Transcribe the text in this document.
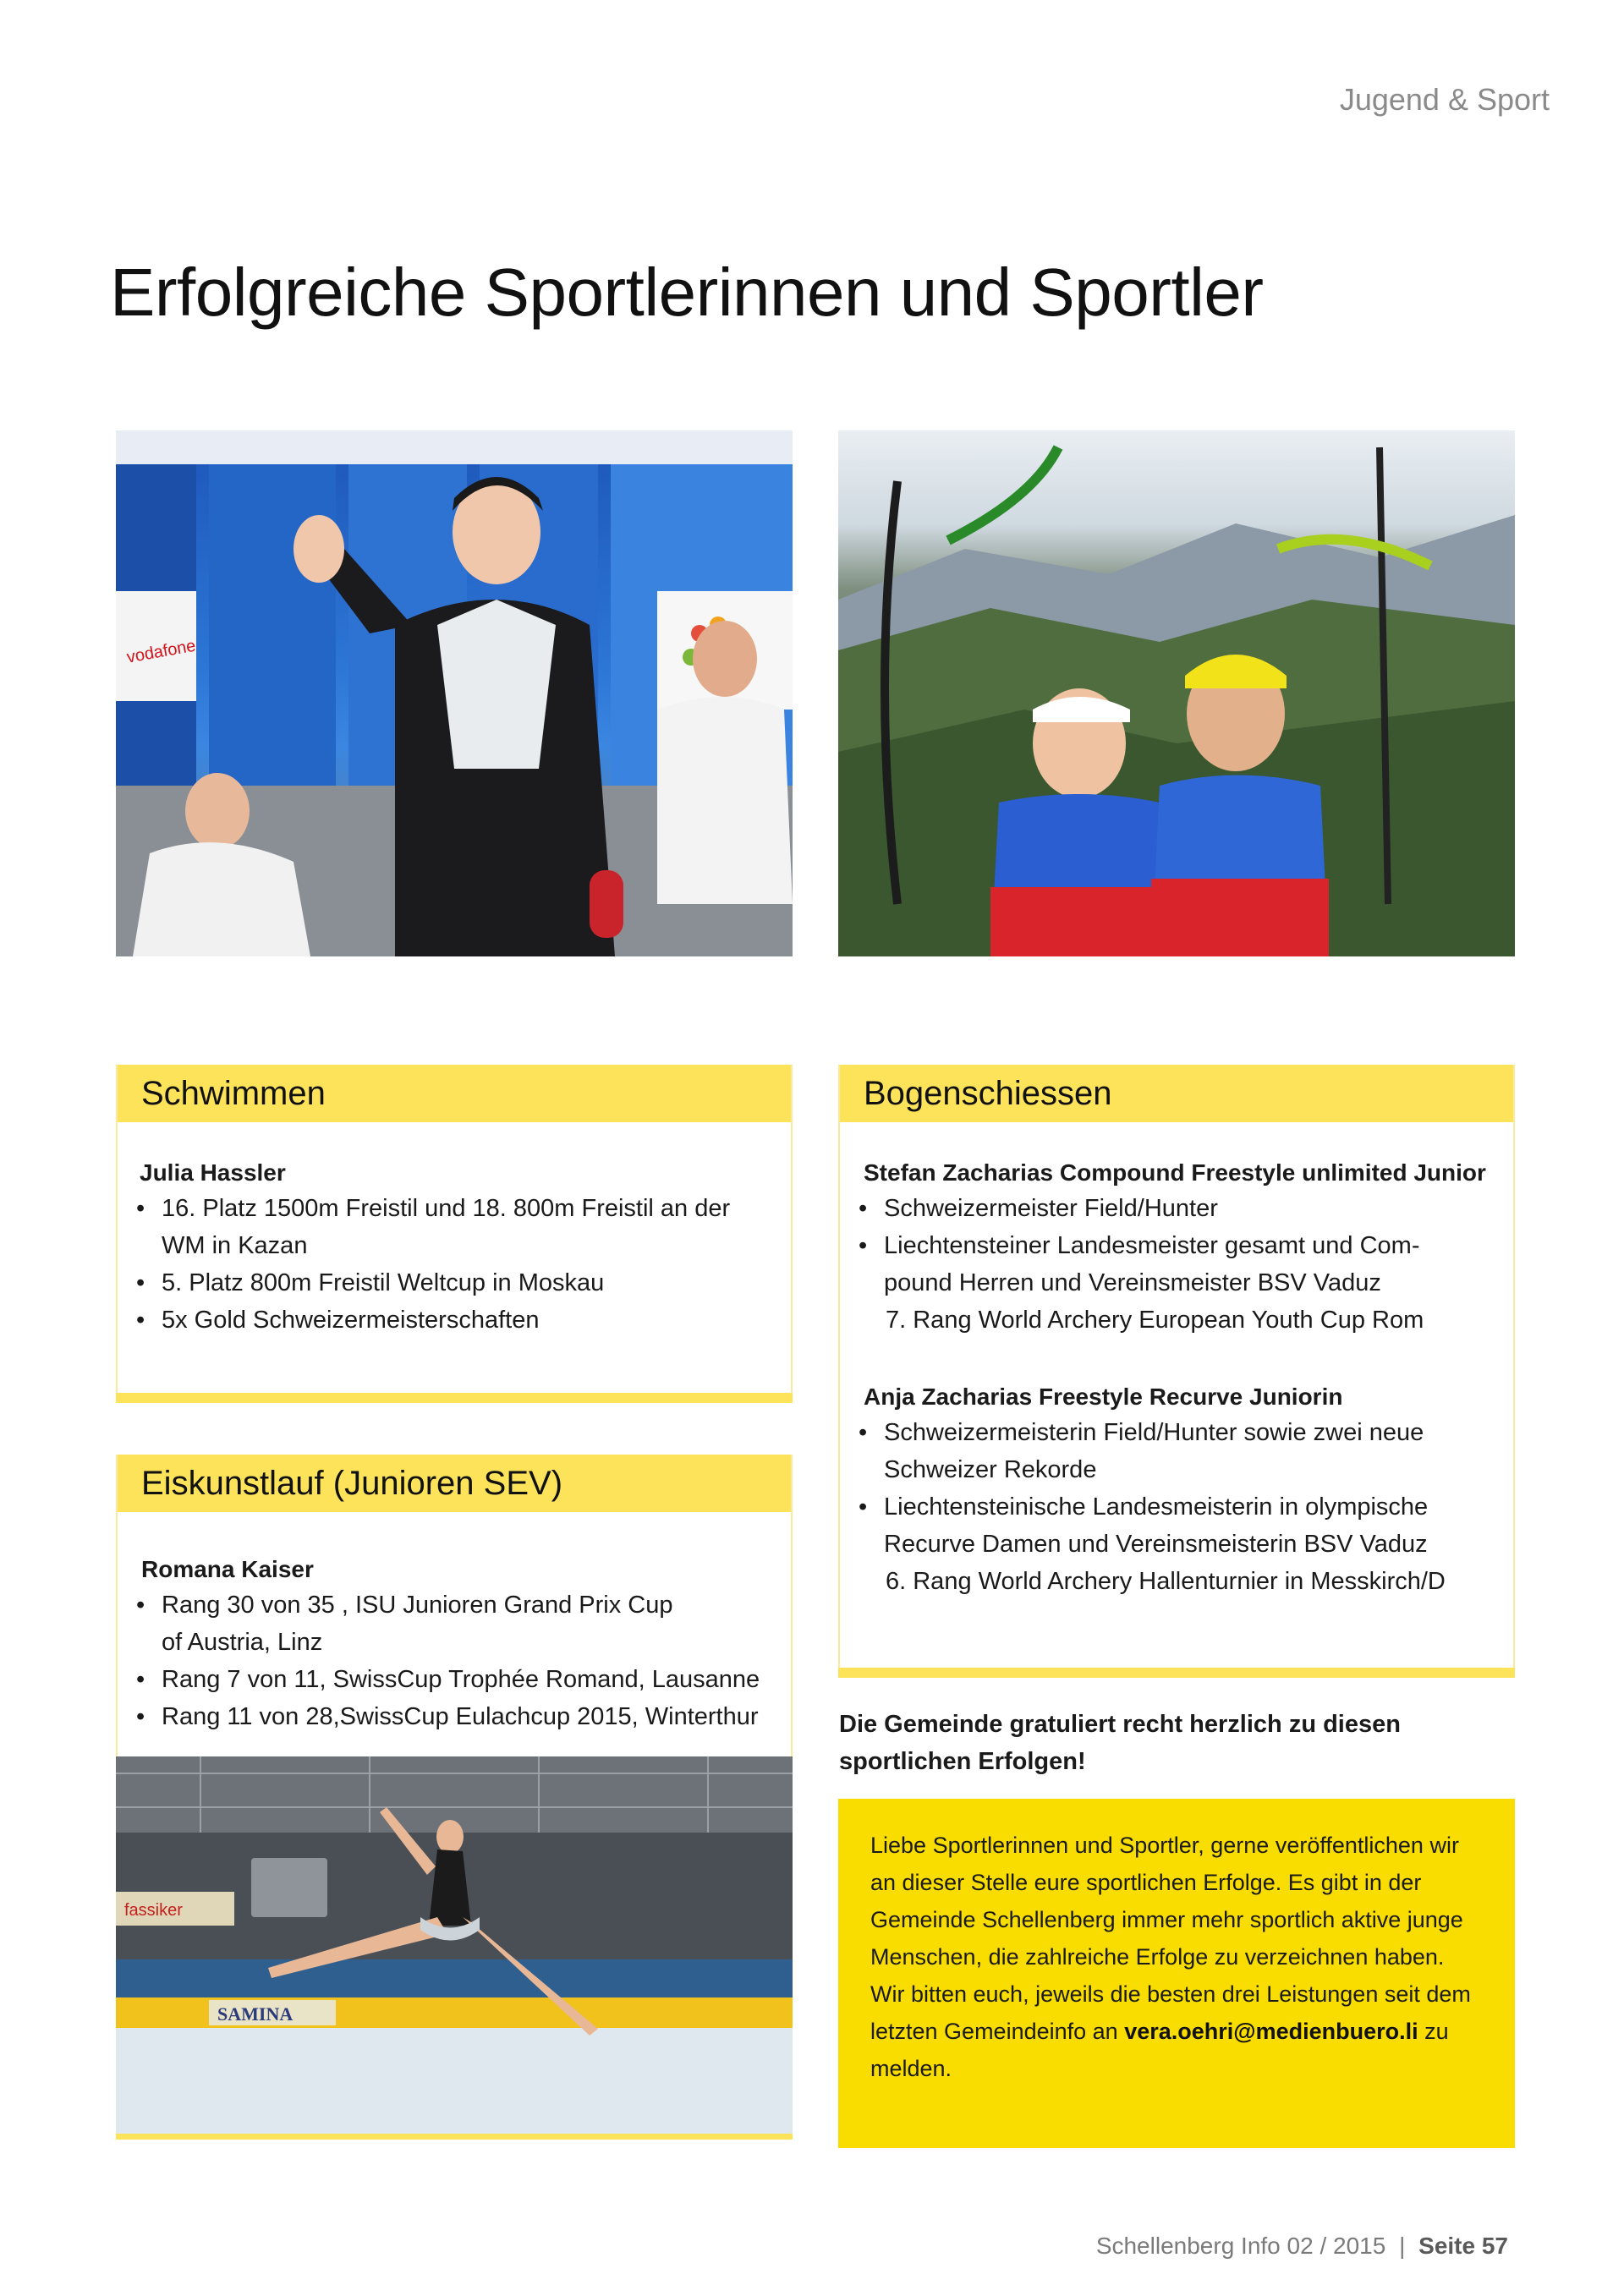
Jugend & Sport
Erfolgreiche Sportlerinnen und Sportler
vodafone
Schwimmen

Julia Hassler

• 16. Platz 1500m Freistil und 18. 800m Freistil an der
WM in Kazan
• 5. Platz 800m Freistil Weltcup in Moskau
• 5x Gold Schweizermeisterschaften
Eiskunstlauf (Junioren SEV)

Romana Kaiser

• Rang 30 von 35 , ISU Junioren Grand Prix Cup
of Austria, Linz
• Rang 7 von 11, SwissCup Trophée Romand, Lausanne
• Rang 11 von 28,SwissCup Eulachcup 2015, Winterthur
fassiker
SAMINA
Bogenschiessen

Stefan Zacharias Compound Freestyle unlimited Junior

• Schweizermeister Field/Hunter
• Liechtensteiner Landesmeister gesamt und Com-
pound Herren und Vereinsmeister BSV Vaduz
7. Rang World Archery European Youth Cup Rom

Anja Zacharias Freestyle Recurve Juniorin

• Schweizermeisterin Field/Hunter sowie zwei neue
Schweizer Rekorde
• Liechtensteinische Landesmeisterin in olympische
Recurve Damen und Vereinsmeisterin BSV Vaduz
6. Rang World Archery Hallenturnier in Messkirch/D
Die Gemeinde gratuliert recht herzlich zu diesen sportlichen Erfolgen!

Liebe Sportlerinnen und Sportler, gerne veröffentlichen wir an dieser Stelle eure sportlichen Erfolge. Es gibt in der Gemeinde Schellenberg immer mehr sportlich aktive junge Menschen, die zahlreiche Erfolge zu verzeichnen haben.

Wir bitten euch, jeweils die besten drei Leistungen seit dem letzten Gemeindeinfo an vera.oehri@medienbuero.li zu melden.

Schellenberg Info 02 / 2015 | Seite 57
